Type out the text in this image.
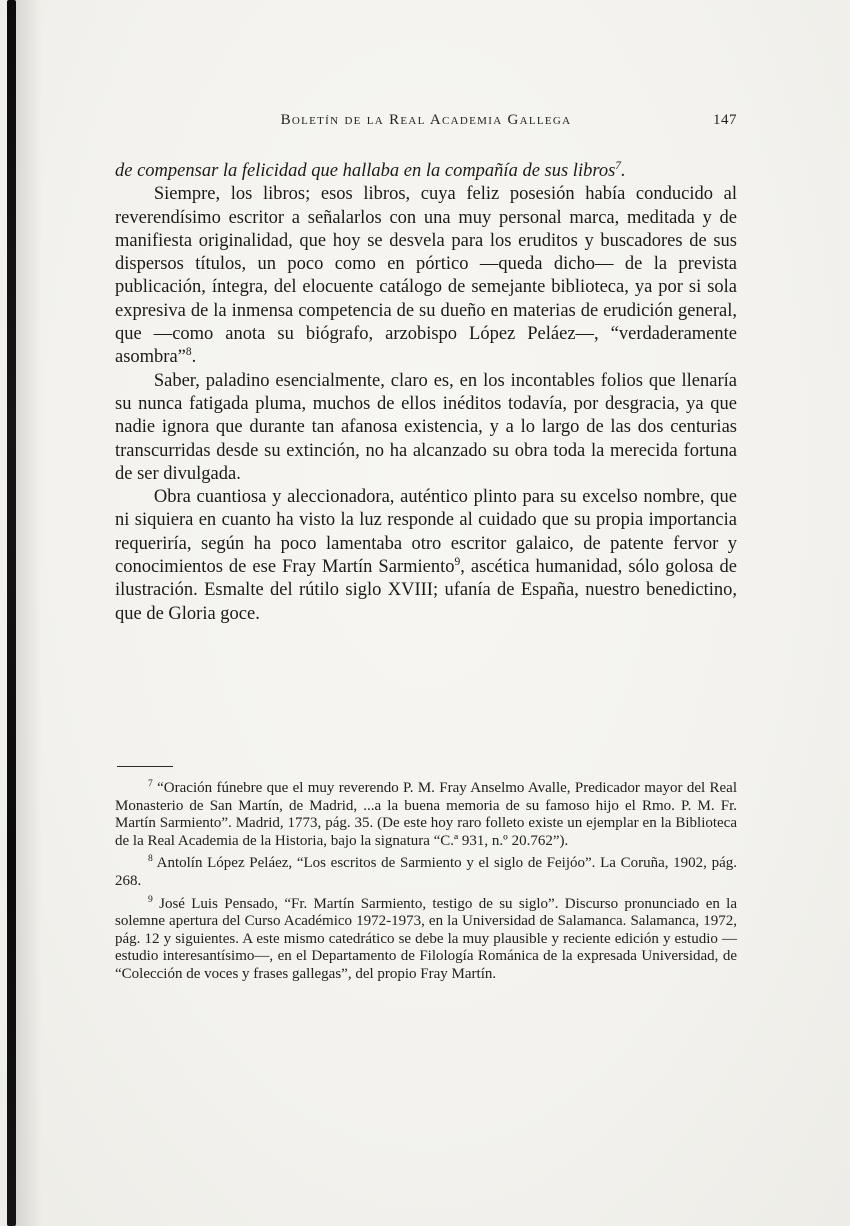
Boletín de la Real Academia Gallega	147

de compensar la felicidad que hallaba en la compañía de sus libros$^7$.

Siempre, los libros; esos libros, cuya feliz posesión había conducido al reverendísimo escritor a señalarlos con una muy personal marca, meditada y de manifiesta originalidad, que hoy se desvela para los eruditos y buscadores de sus dispersos títulos, un poco como en pórtico —queda dicho— de la prevista publicación, íntegra, del elocuente catálogo de semejante biblioteca, ya por si sola expresiva de la inmensa competencia de su dueño en materias de erudición general, que —como anota su biógrafo, arzobispo López Peláez—, “verdaderamente asombra”$^8$.

Saber, paladino esencialmente, claro es, en los incontables folios que llenaría su nunca fatigada pluma, muchos de ellos inéditos todavía, por desgracia, ya que nadie ignora que durante tan afanosa existencia, y a lo largo de las dos centurias transcurridas desde su extinción, no ha alcanzado su obra toda la merecida fortuna de ser divulgada.

Obra cuantiosa y aleccionadora, auténtico plinto para su excelso nombre, que ni siquiera en cuanto ha visto la luz responde al cuidado que su propia importancia requeriría, según ha poco lamentaba otro escritor galaico, de patente fervor y conocimientos de ese Fray Martín Sarmiento$^9$, ascética humanidad, sólo golosa de ilustración. Esmalte del rútilo siglo XVIII; ufanía de España, nuestro benedictino, que de Gloria goce.

$^7$ “Oración fúnebre que el muy reverendo P. M. Fray Anselmo Avalle, Predicador mayor del Real Monasterio de San Martín, de Madrid, ...a la buena memoria de su famoso hijo el Rmo. P. M. Fr. Martín Sarmiento”. Madrid, 1773, pág. 35. (De este hoy raro folleto existe un ejemplar en la Biblioteca de la Real Academia de la Historia, bajo la signatura “C.ª 931, n.º 20.762”).

$^8$ Antolín López Peláez, “Los escritos de Sarmiento y el siglo de Feijóo”. La Coruña, 1902, pág. 268.

$^9$ José Luis Pensado, “Fr. Martín Sarmiento, testigo de su siglo”. Discurso pronunciado en la solemne apertura del Curso Académico 1972-1973, en la Universidad de Salamanca. Salamanca, 1972, pág. 12 y siguientes. A este mismo catedrático se debe la muy plausible y reciente edición y estudio —estudio interesantísimo—, en el Departamento de Filología Románica de la expresada Universidad, de “Colección de voces y frases gallegas”, del propio Fray Martín.
